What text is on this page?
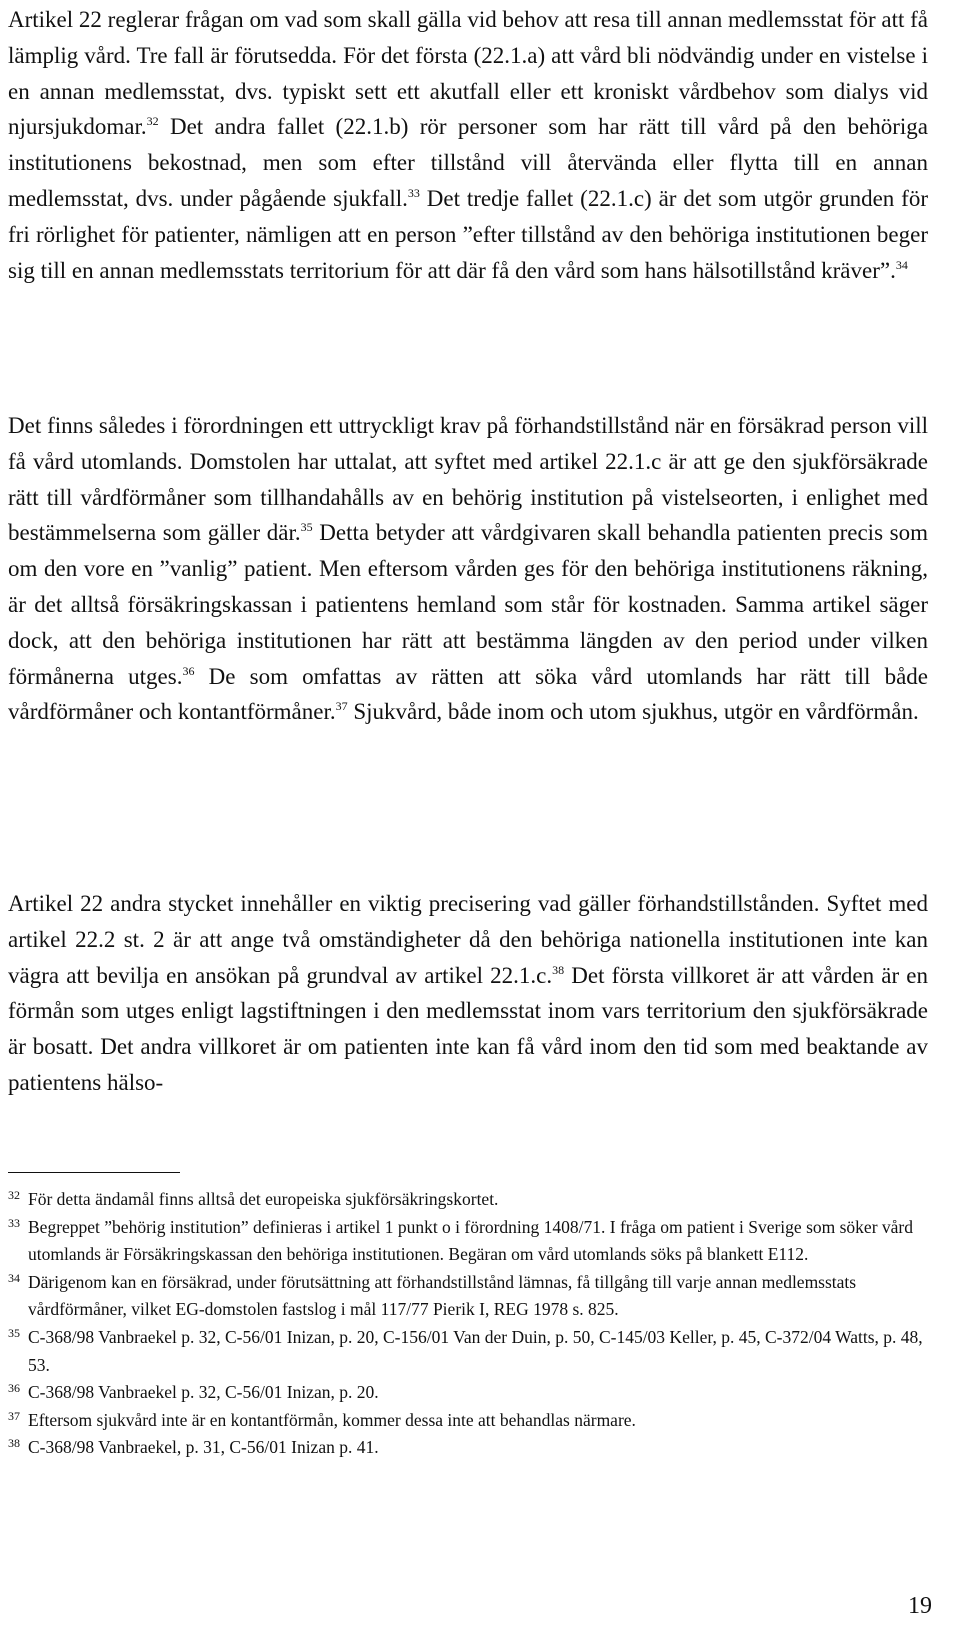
Artikel 22 reglerar frågan om vad som skall gälla vid behov att resa till annan medlemsstat för att få lämplig vård. Tre fall är förutsedda. För det första (22.1.a) att vård bli nödvändig under en vistelse i en annan medlemsstat, dvs. typiskt sett ett akutfall eller ett kroniskt vårdbehov som dialys vid njursjukdomar.$^{32}$ Det andra fallet (22.1.b) rör personer som har rätt till vård på den behöriga institutionens bekostnad, men som efter tillstånd vill återvända eller flytta till en annan medlemsstat, dvs. under pågående sjukfall.$^{33}$ Det tredje fallet (22.1.c) är det som utgör grunden för fri rörlighet för patienter, nämligen att en person ”efter tillstånd av den behöriga institutionen beger sig till en annan medlemsstats territorium för att där få den vård som hans hälsotillstånd kräver”.$^{34}$

Det finns således i förordningen ett uttryckligt krav på förhandstillstånd när en försäkrad person vill få vård utomlands. Domstolen har uttalat, att syftet med artikel 22.1.c är att ge den sjukförsäkrade rätt till vårdförmåner som tillhandahålls av en behörig institution på vistelseorten, i enlighet med bestämmelserna som gäller där.$^{35}$ Detta betyder att vårdgivaren skall behandla patienten precis som om den vore en ”vanlig” patient. Men eftersom vården ges för den behöriga institutionens räkning, är det alltså försäkringskassan i patientens hemland som står för kostnaden. Samma artikel säger dock, att den behöriga institutionen har rätt att bestämma längden av den period under vilken förmånerna utges.$^{36}$ De som omfattas av rätten att söka vård utomlands har rätt till både vårdförmåner och kontantförmåner.$^{37}$ Sjukvård, både inom och utom sjukhus, utgör en vårdförmån.

Artikel 22 andra stycket innehåller en viktig precisering vad gäller förhandstillstånden. Syftet med artikel 22.2 st. 2 är att ange två omständigheter då den behöriga nationella institutionen inte kan vägra att bevilja en ansökan på grundval av artikel 22.1.c.$^{38}$ Det första villkoret är att vården är en förmån som utges enligt lagstiftningen i den medlemsstat inom vars territorium den sjukförsäkrade är bosatt. Det andra villkoret är om patienten inte kan få vård inom den tid som med beaktande av patientens hälso-

32 För detta ändamål finns alltså det europeiska sjukförsäkringskortet.

33 Begreppet ”behörig institution” definieras i artikel 1 punkt o i förordning 1408/71. I fråga om patient i Sverige som söker vård utomlands är Försäkringskassan den behöriga institutionen. Begäran om vård utomlands söks på blankett E112.

34 Därigenom kan en försäkrad, under förutsättning att förhandstillstånd lämnas, få tillgång till varje annan medlemsstats vårdförmåner, vilket EG-domstolen fastslog i mål 117/77 Pierik I, REG 1978 s. 825.

35 C-368/98 Vanbraekel p. 32, C-56/01 Inizan, p. 20, C-156/01 Van der Duin, p. 50, C-145/03 Keller, p. 45, C-372/04 Watts, p. 48, 53.

36 C-368/98 Vanbraekel p. 32, C-56/01 Inizan, p. 20.

37 Eftersom sjukvård inte är en kontantförmån, kommer dessa inte att behandlas närmare.

38 C-368/98 Vanbraekel, p. 31, C-56/01 Inizan p. 41.

19
